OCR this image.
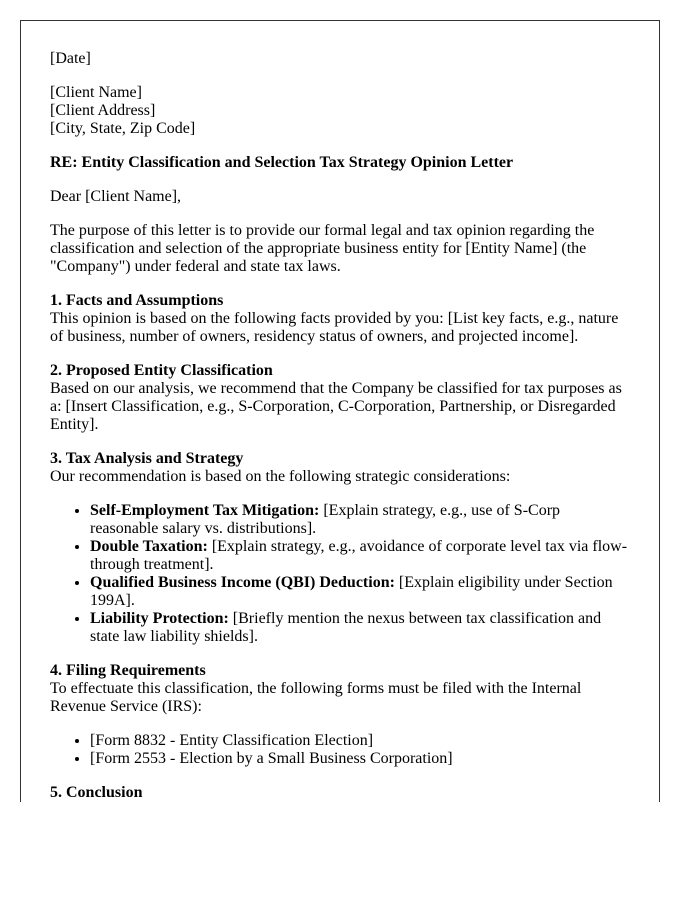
[Date]

[Client Name]

[Client Address]

[City, State, Zip Code]

RE: Entity Classification and Selection Tax Strategy Opinion Letter

Dear [Client Name],

The purpose of this letter is to provide our formal legal and tax opinion regarding the classification and selection of the appropriate business entity for [Entity Name] (the "Company") under federal and state tax laws.

1. Facts and Assumptions

This opinion is based on the following facts provided by you: [List key facts, e.g., nature of business, number of owners, residency status of owners, and projected income].

2. Proposed Entity Classification

Based on our analysis, we recommend that the Company be classified for tax purposes as a: [Insert Classification, e.g., S-Corporation, C-Corporation, Partnership, or Disregarded Entity].

3. Tax Analysis and Strategy

Our recommendation is based on the following strategic considerations:

• Self-Employment Tax Mitigation: [Explain strategy, e.g., use of S-Corp reasonable salary vs. distributions].
• Double Taxation: [Explain strategy, e.g., avoidance of corporate level tax via flow-through treatment].
• Qualified Business Income (QBI) Deduction: [Explain eligibility under Section 199A].
• Liability Protection: [Briefly mention the nexus between tax classification and state law liability shields].
4. Filing Requirements

To effectuate this classification, the following forms must be filed with the Internal Revenue Service (IRS):

• [Form 8832 - Entity Classification Election]
• [Form 2553 - Election by a Small Business Corporation]
5. Conclusion
